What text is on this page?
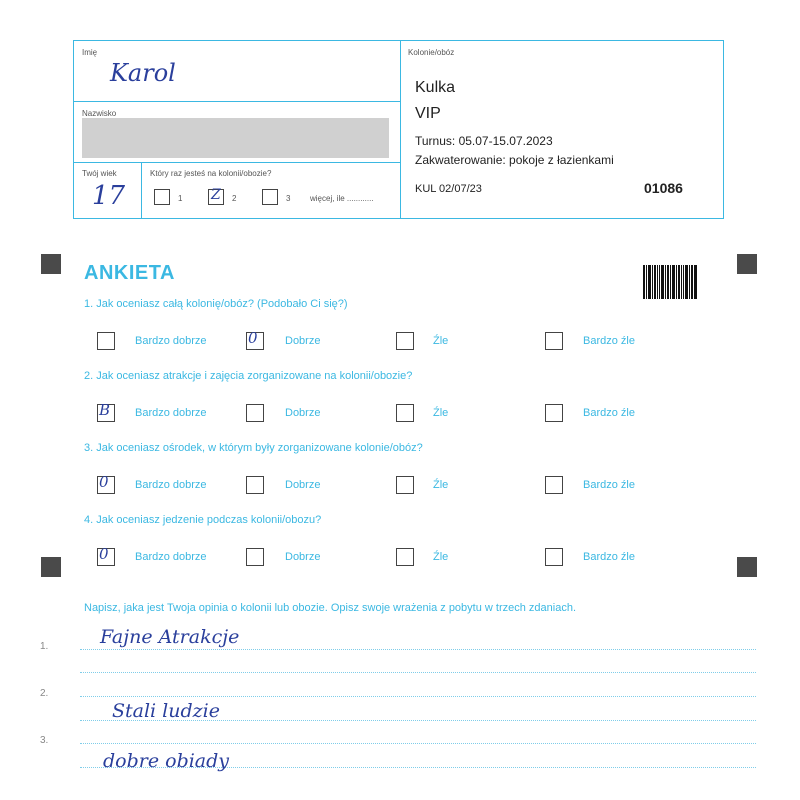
Imię
Karol
Nazwisko
Twój wiek
17
Który raz jesteś na kolonii/obozie?
1 Z 2	3 więcej, ile ............
Kolonie/obóz
Kulka
VIP
Turnus: 05.07-15.07.2023
Zakwaterowanie: pokoje z łazienkami
KUL 02/07/23	01086
ANKIETA
1. Jak oceniasz całą kolonię/obóz? (Podobało Ci się?)
Bardzo dobrze	0 Dobrze	Źle	Bardzo źle
2. Jak oceniasz atrakcje i zajęcia zorganizowane na kolonii/obozie?
B Bardzo dobrze	Dobrze	Źle	Bardzo źle
3. Jak oceniasz ośrodek, w którym były zorganizowane kolonie/obóz?
0 Bardzo dobrze	Dobrze	Źle	Bardzo źle
4. Jak oceniasz jedzenie podczas kolonii/obozu?
0 Bardzo dobrze	Dobrze	Źle	Bardzo źle
Napisz, jaka jest Twoja opinia o kolonii lub obozie. Opisz swoje wrażenia z pobytu w trzech zdaniach.
1.
2.
3.
Fajne Atrakcje
Stali ludzie
dobre obiady
